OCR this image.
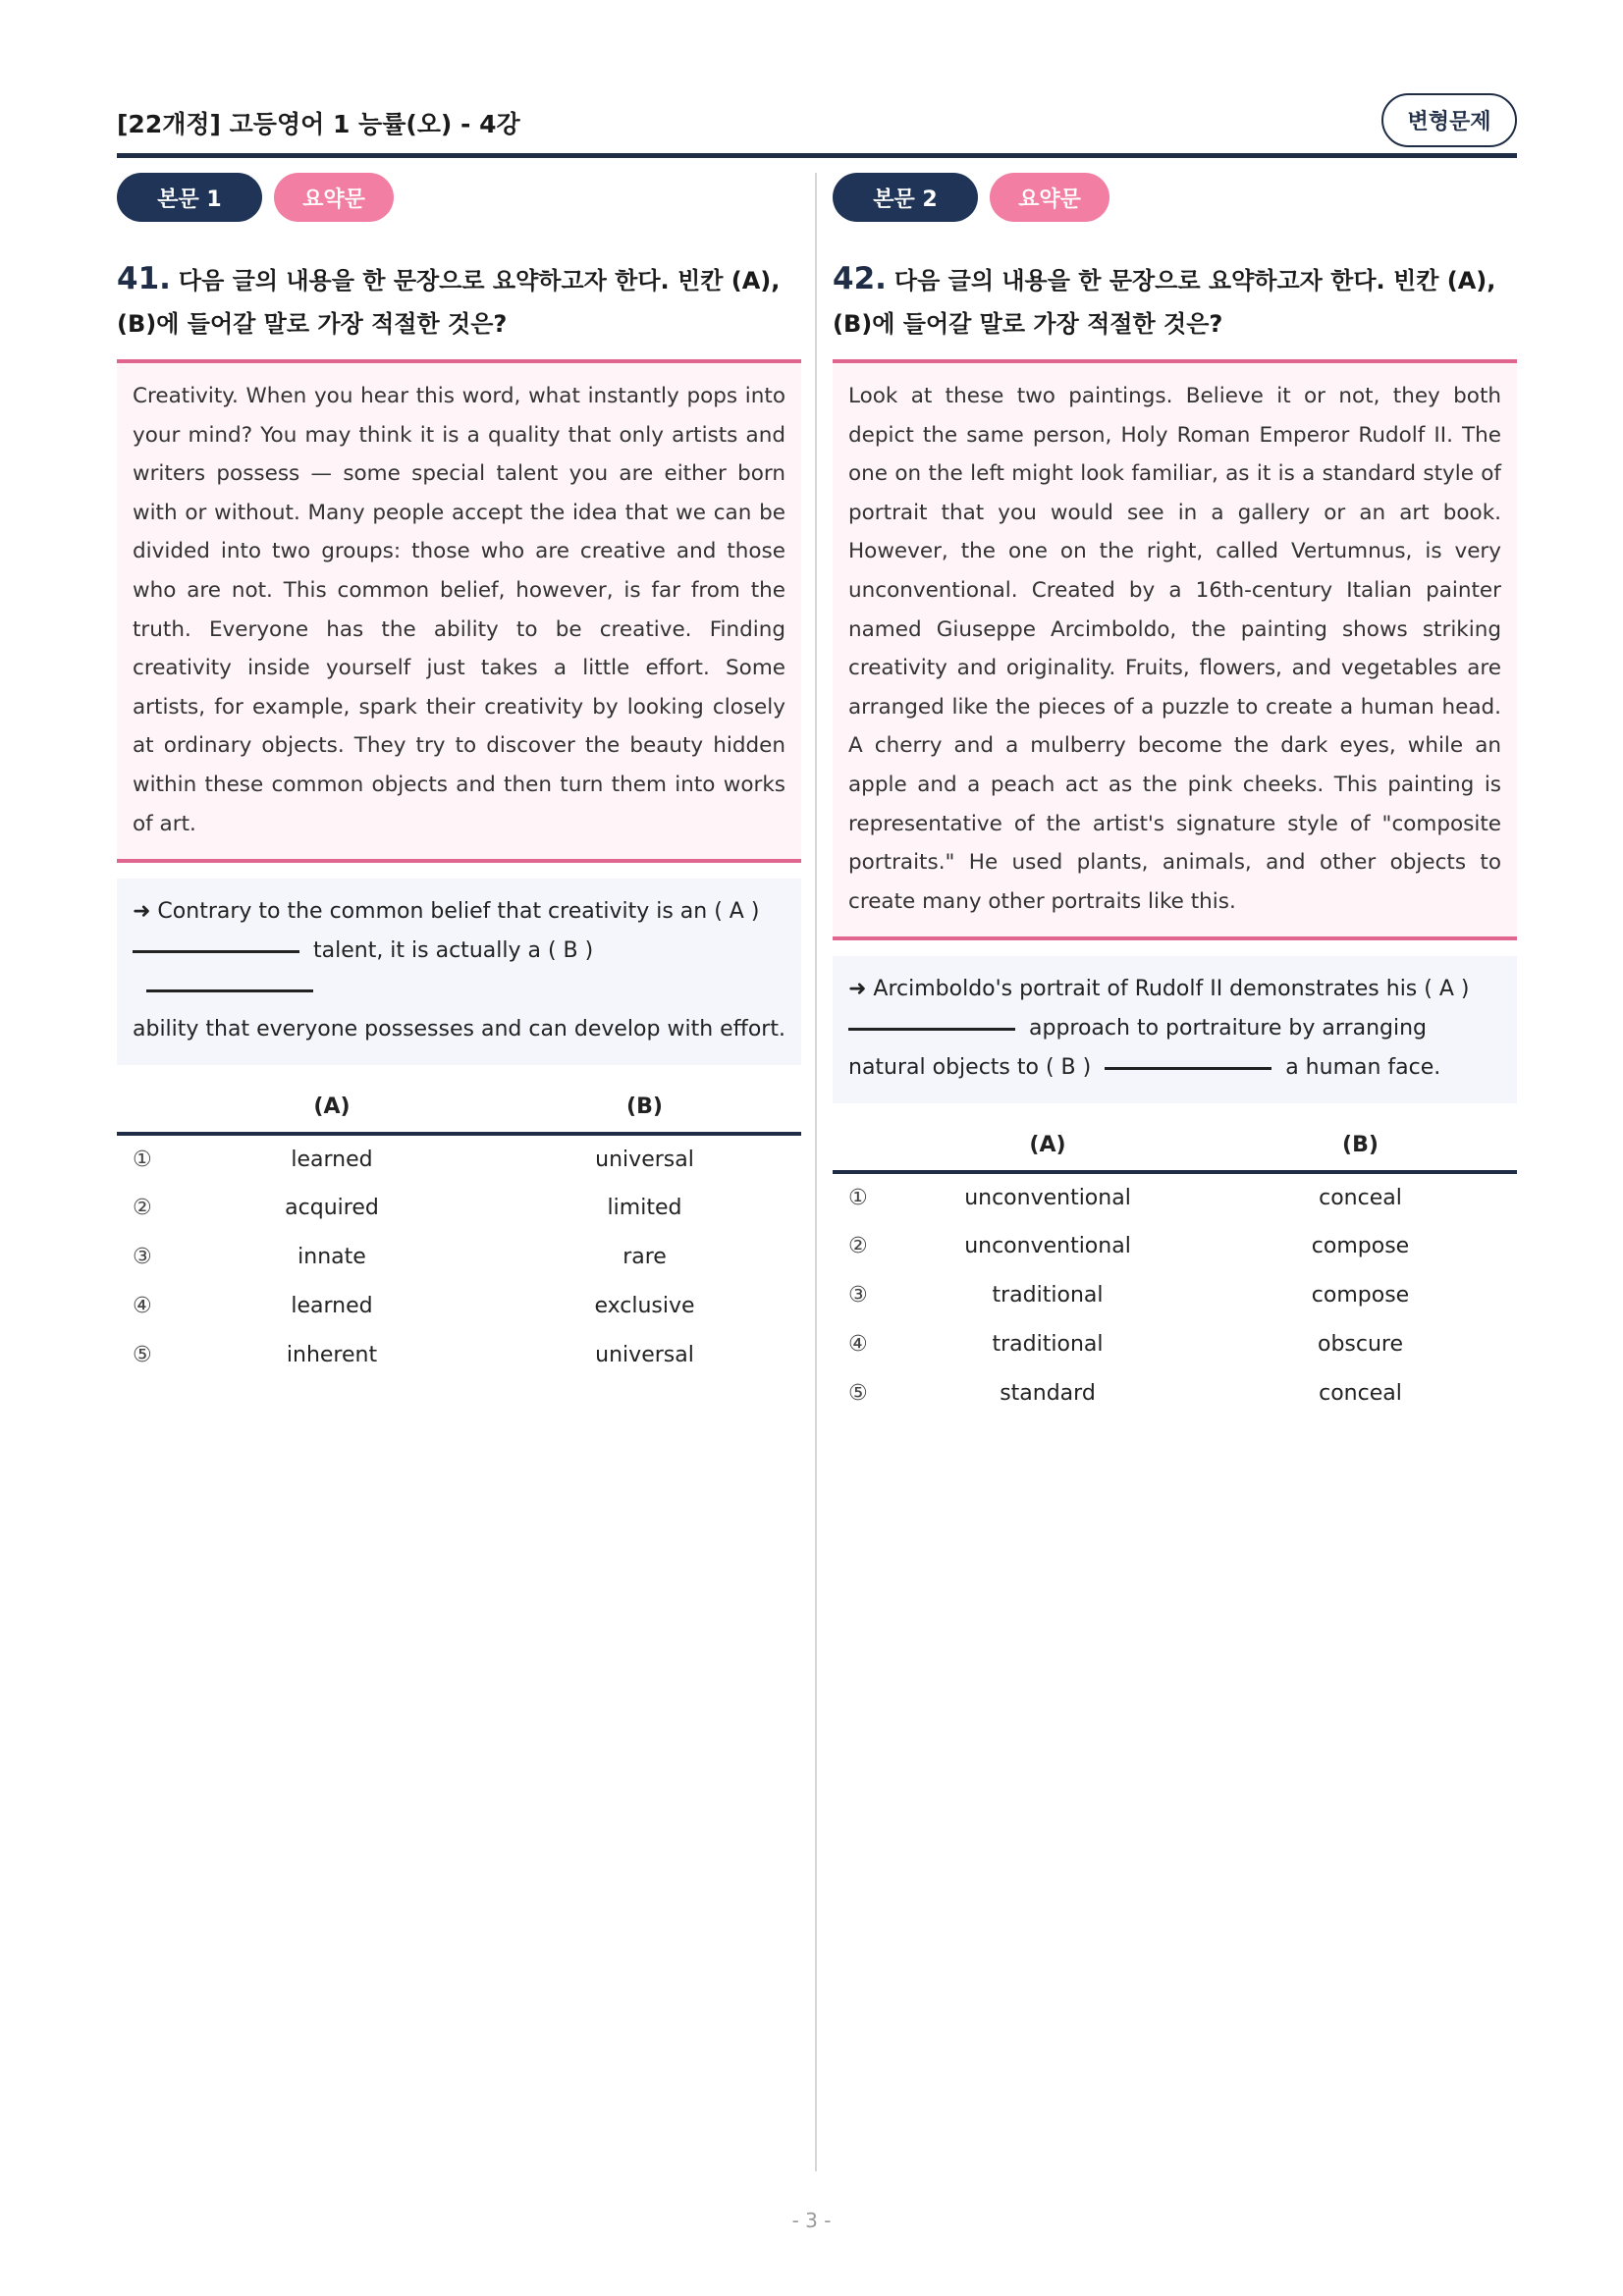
[22개정] 고등영어 1 능률(오) - 4강	변형문제
본문 1	요약문
41. 다음 글의 내용을 한 문장으로 요약하고자 한다. 빈칸 (A), (B)에 들어갈 말로 가장 적절한 것은?
Creativity. When you hear this word, what instantly pops into your mind? You may think it is a quality that only artists and writers possess — some special talent you are either born with or without. Many people accept the idea that we can be divided into two groups: those who are creative and those who are not. This common belief, however, is far from the truth. Everyone has the ability to be creative. Finding creativity inside yourself just takes a little effort. Some artists, for example, spark their creativity by looking closely at ordinary objects. They try to discover the beauty hidden within these common objects and then turn them into works of art.
➜ Contrary to the common belief that creativity is an ( A )
talent, it is actually a ( B )
ability that everyone possesses and can develop with effort.
	(A)	(B)
①	learned	universal
②	acquired	limited
③	innate	rare
④	learned	exclusive
⑤	inherent	universal
본문 2	요약문
42. 다음 글의 내용을 한 문장으로 요약하고자 한다. 빈칸 (A), (B)에 들어갈 말로 가장 적절한 것은?
Look at these two paintings. Believe it or not, they both depict the same person, Holy Roman Emperor Rudolf II. The one on the left might look familiar, as it is a standard style of portrait that you would see in a gallery or an art book. However, the one on the right, called Vertumnus, is very unconventional. Created by a 16th-century Italian painter named Giuseppe Arcimboldo, the painting shows striking creativity and originality. Fruits, flowers, and vegetables are arranged like the pieces of a puzzle to create a human head. A cherry and a mulberry become the dark eyes, while an apple and a peach act as the pink cheeks. This painting is representative of the artist's signature style of "composite portraits." He used plants, animals, and other objects to create many other portraits like this.
➜ Arcimboldo's portrait of Rudolf II demonstrates his ( A )
approach to portraiture by arranging natural objects to ( B )	a human face.
	(A)	(B)
①	unconventional	conceal
②	unconventional	compose
③	traditional	compose
④	traditional	obscure
⑤	standard	conceal
- 3 -
